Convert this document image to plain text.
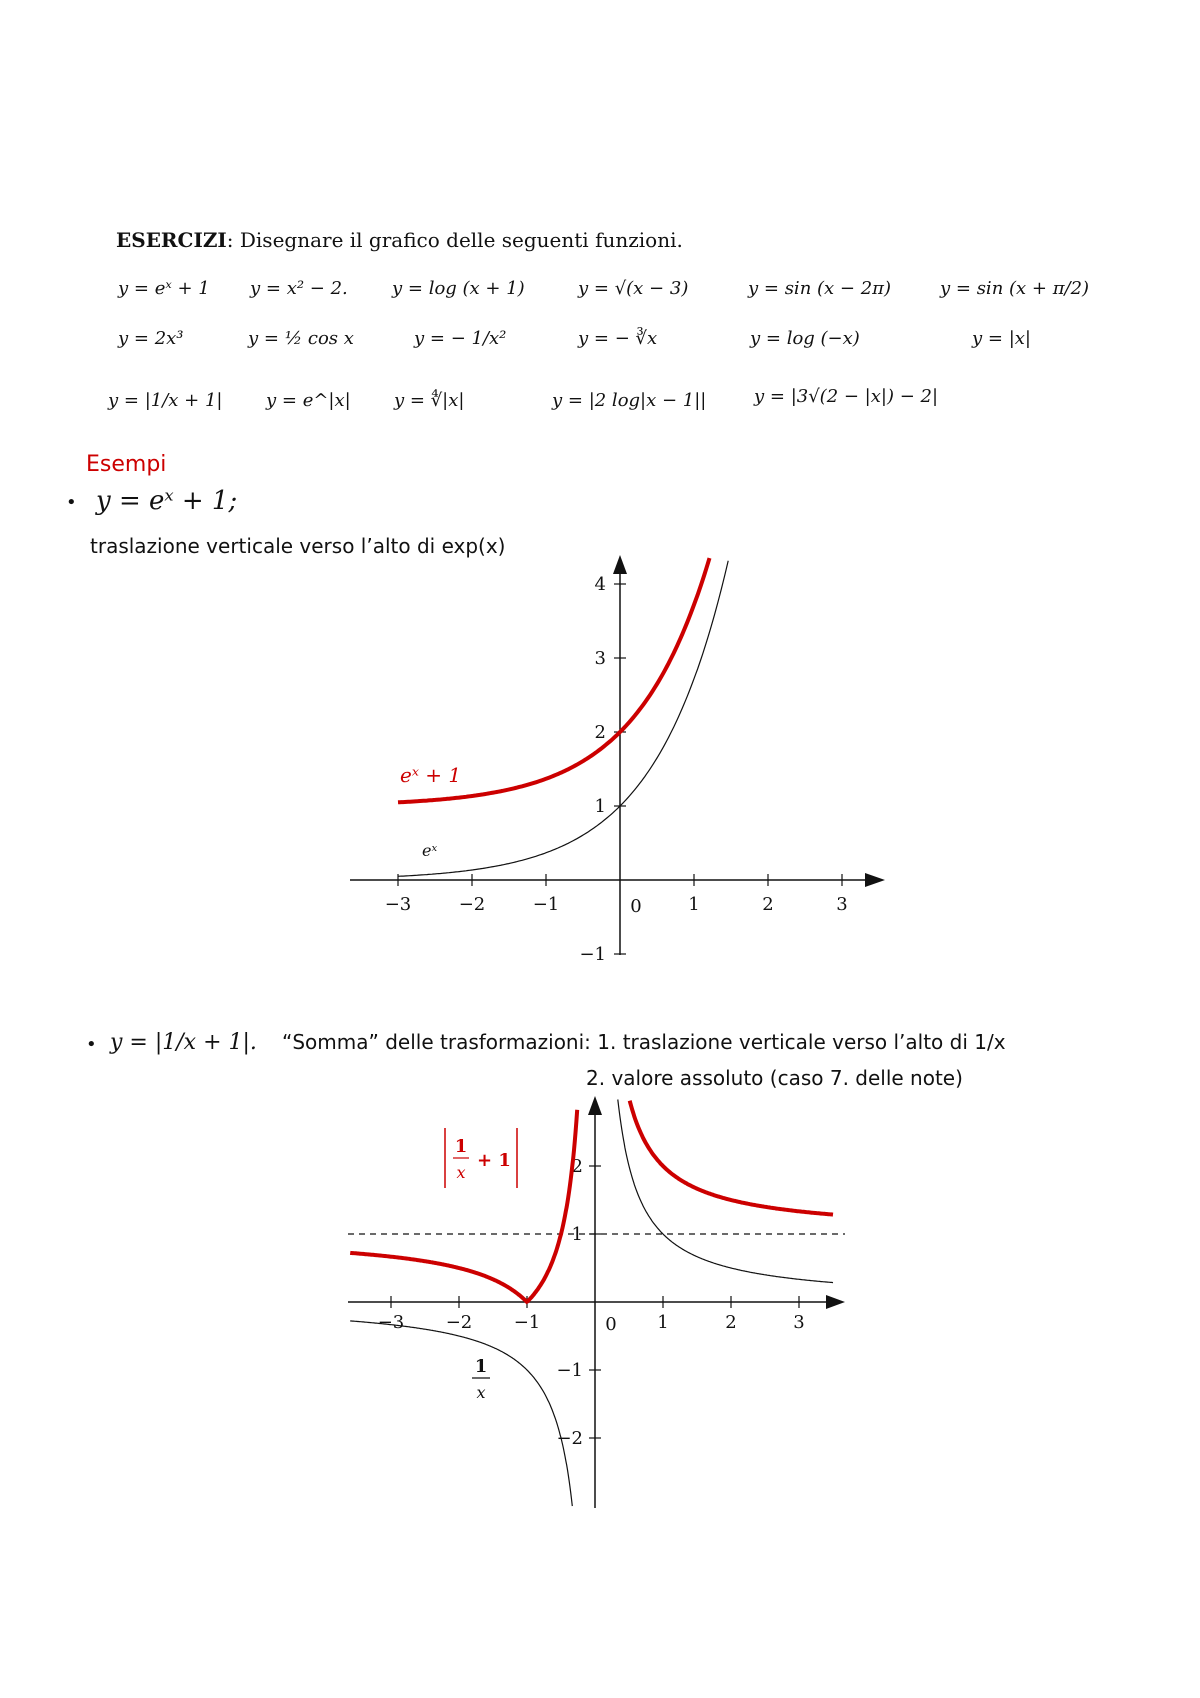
ESERCIZI: Disegnare il grafico delle seguenti funzioni.
y = eˣ + 1 y = x² − 2. y = log (x + 1)	y = √(x − 3)	y = sin (x − 2π)	y = sin (x + π/2)
y = 2x³	y = ½ cos x	y = − 1/x²	y = − ∛x	y = log (−x)	y = |x|
y = |1/x + 1| y = e^|x| y = ∜|x|	y = |2 log|x − 1||	y = |3√(2 − |x|) − 2|
Esempi
• y = eˣ + 1;
traslazione verticale verso l’alto di exp(x)
−3	−2	−1	1	2	3
−1
1
2
3
4
0
eˣ + 1
eˣ
• y = |1/x + 1|. “Somma” delle trasformazioni: 1. traslazione verticale verso l’alto di 1/x
2. valore assoluto (caso 7. delle note)
−3 −2 −1	1	2	3
−2
−1
1
2
0
1
x
+ 1
1
x
